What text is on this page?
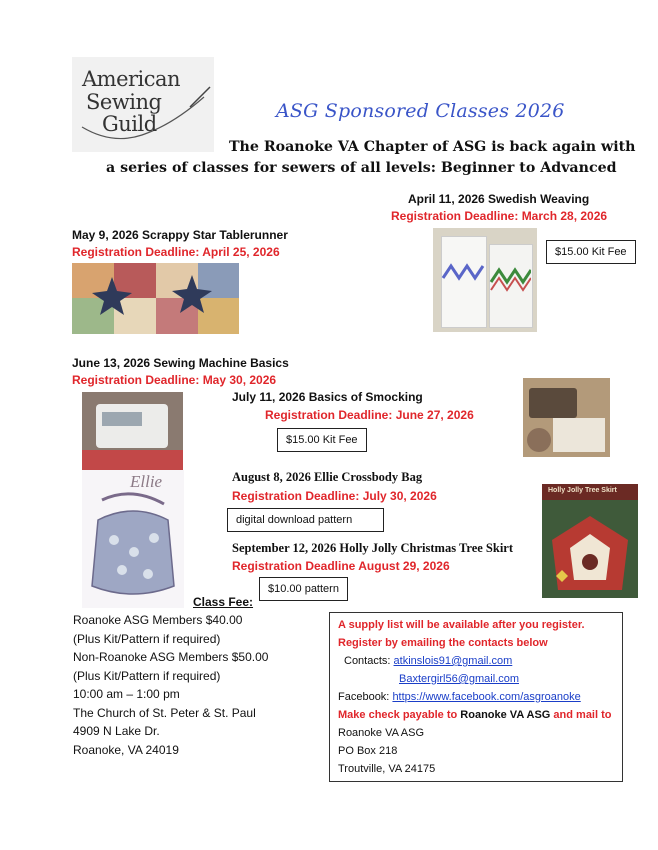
American
Sewing
Guild
ASG Sponsored Classes 2026
The Roanoke VA Chapter of ASG is back again with
a series of classes for sewers of all levels: Beginner to Advanced
April 11, 2026 Swedish Weaving
Registration Deadline: March 28, 2026
$15.00 Kit Fee
May 9, 2026 Scrappy Star Tablerunner
Registration Deadline: April 25, 2026
June 13, 2026 Sewing Machine Basics
Registration Deadline: May 30, 2026
July 11, 2026 Basics of Smocking
Registration Deadline: June 27, 2026
$15.00 Kit Fee
August 8, 2026 Ellie Crossbody Bag
Registration Deadline: July 30, 2026
digital download pattern
Ellie
September 12, 2026 Holly Jolly Christmas Tree Skirt
Registration Deadline August 29, 2026
$10.00 pattern
Holly Jolly Tree Skirt
Class Fee:
Roanoke ASG Members $40.00
(Plus Kit/Pattern if required)
Non-Roanoke ASG Members $50.00
(Plus Kit/Pattern if required)
10:00 am – 1:00 pm
The Church of St. Peter & St. Paul
4909 N Lake Dr.
Roanoke, VA 24019
A supply list will be available after you register.
Register by emailing the contacts below
Contacts: atkinslois91@gmail.com
Baxtergirl56@gmail.com
Facebook: https://www.facebook.com/asgroanoke
Make check payable to Roanoke VA ASG and mail to
Roanoke VA ASG
PO Box 218
Troutville, VA 24175
